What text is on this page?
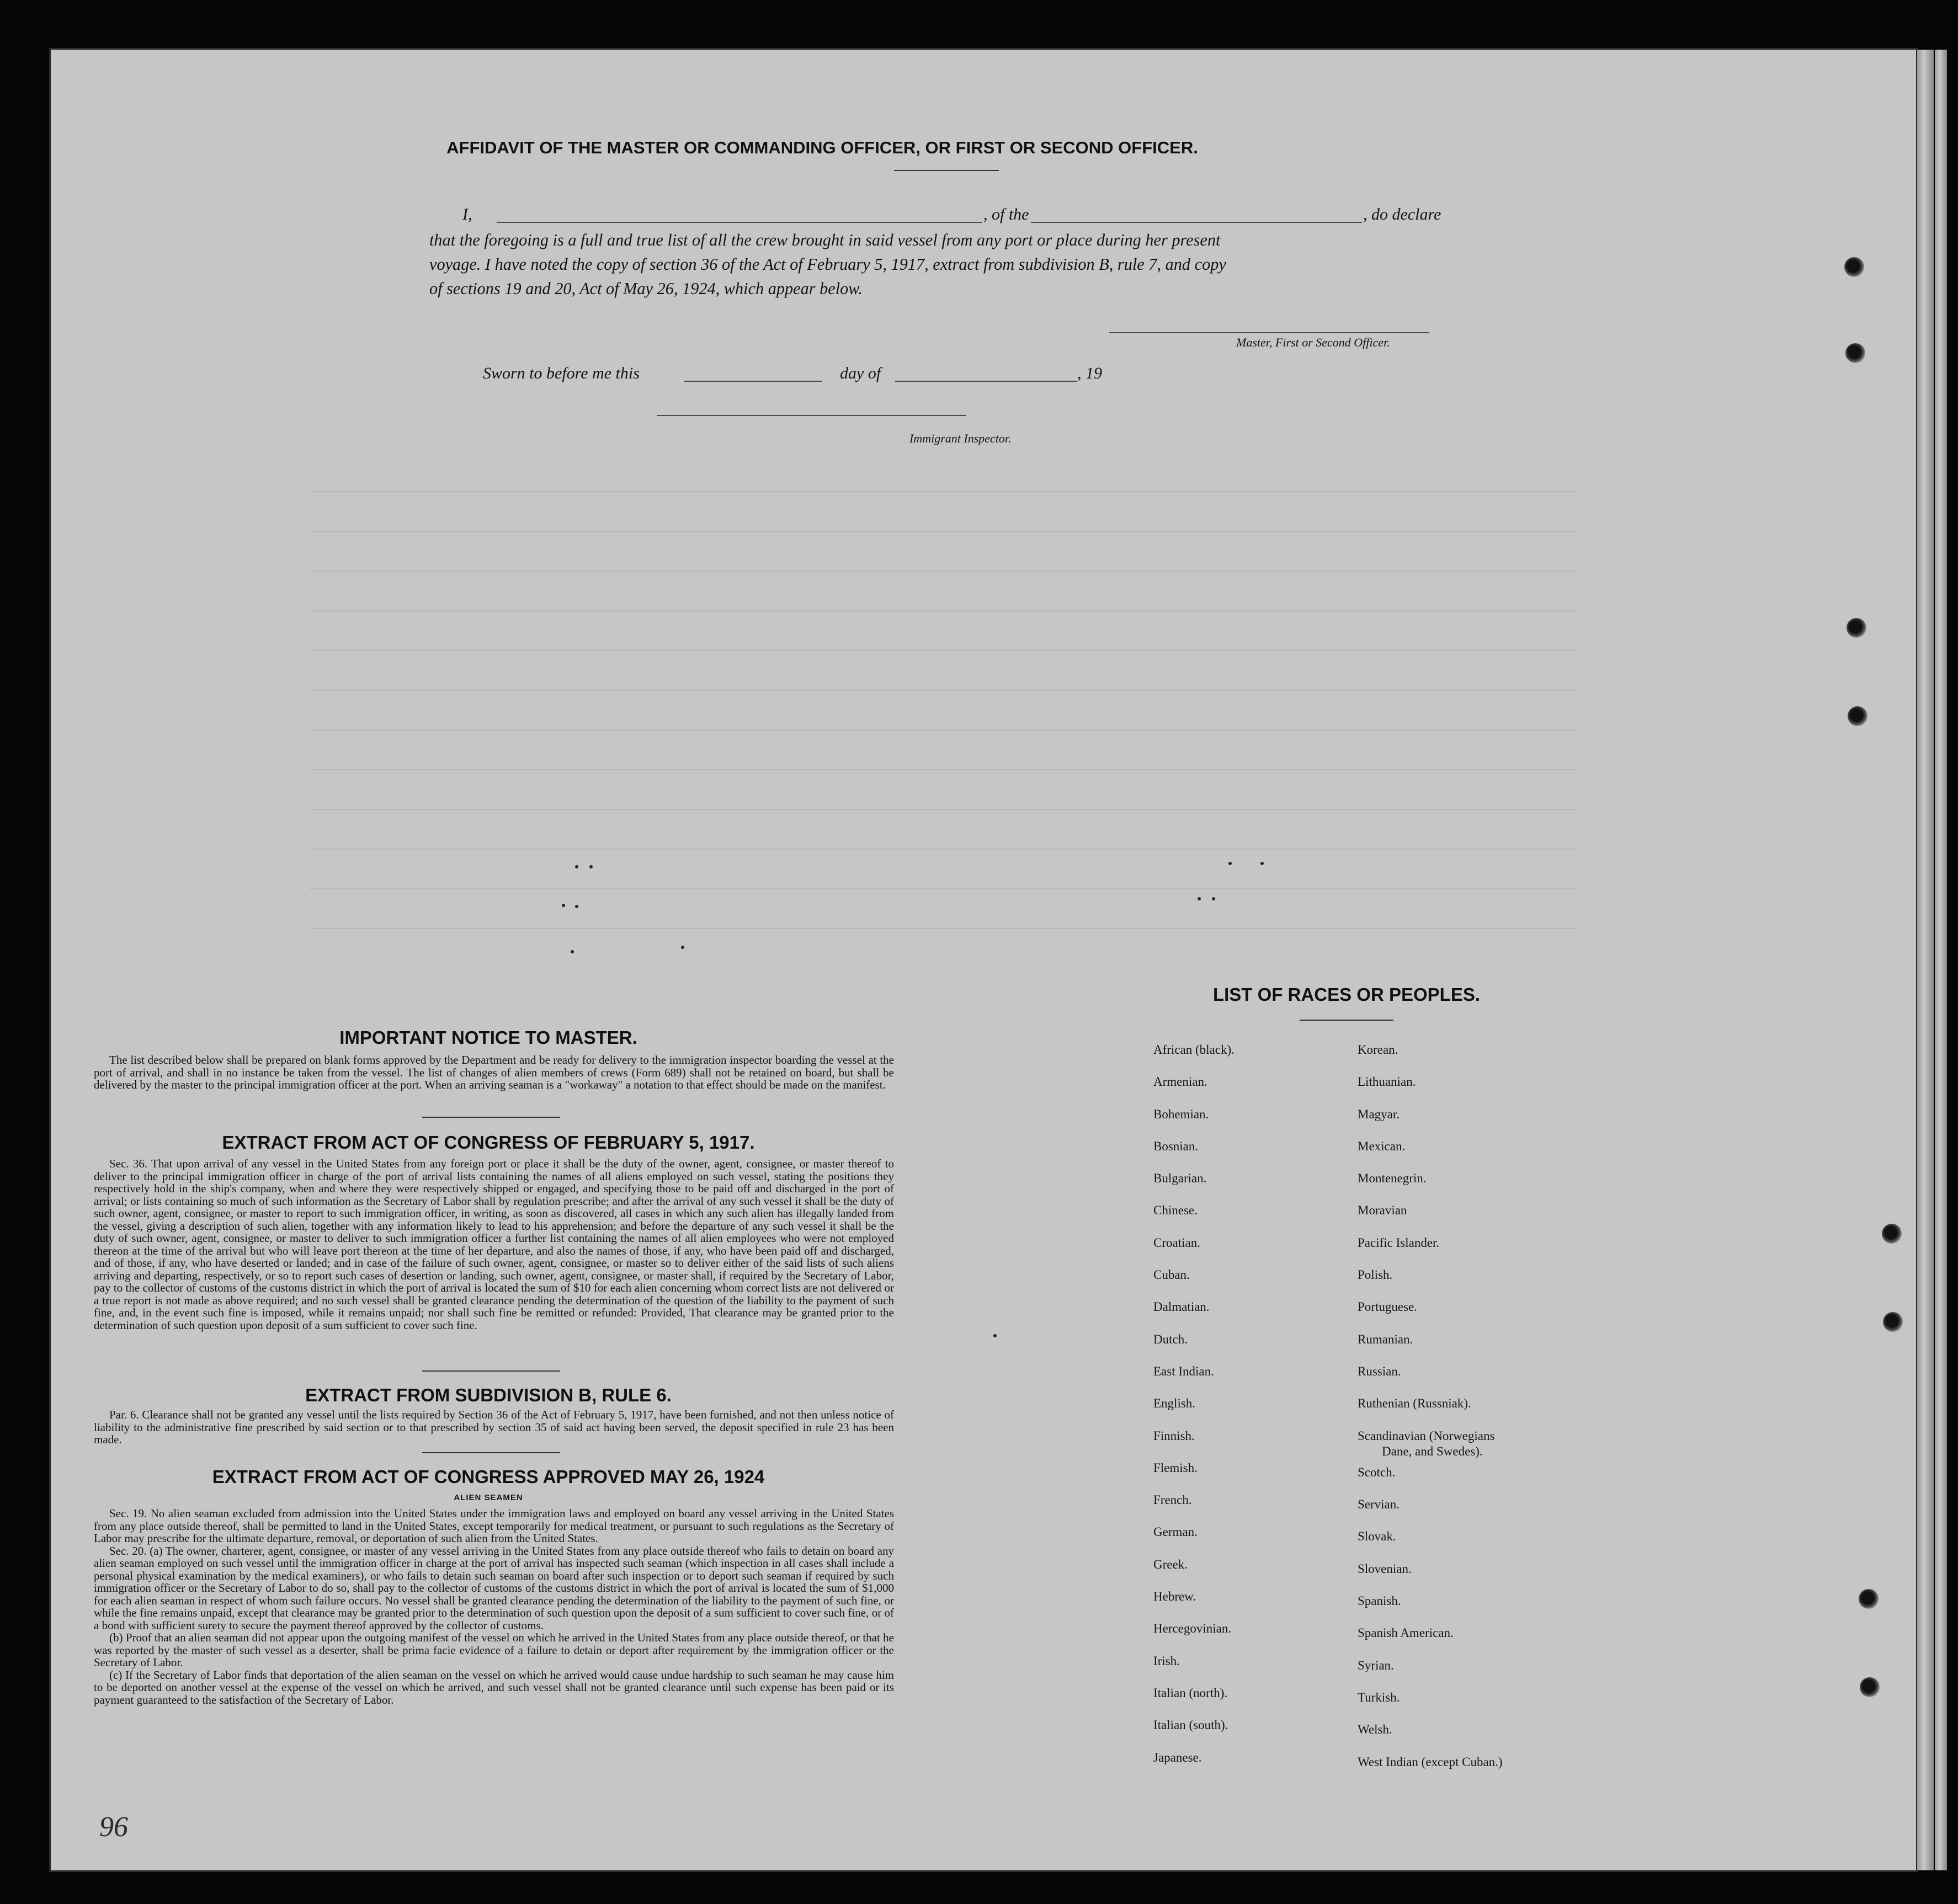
AFFIDAVIT OF THE MASTER OR COMMANDING OFFICER, OR FIRST OR SECOND OFFICER.
I,	, of the	, do declare
that the foregoing is a full and true list of all the crew brought in said vessel from any port or place during her present
voyage. I have noted the copy of section 36 of the Act of February 5, 1917, extract from subdivision B, rule 7, and copy
of sections 19 and 20, Act of May 26, 1924, which appear below.
Master, First or Second Officer.
Sworn to before me this	day of	, 19
Immigrant Inspector.
IMPORTANT NOTICE TO MASTER.

The list described below shall be prepared on blank forms approved by the Department and be ready for delivery to the immigration inspector boarding the vessel at the port of arrival, and shall in no instance be taken from the vessel. The list of changes of alien members of crews (Form 689) shall not be retained on board, but shall be delivered by the master to the principal immigration officer at the port. When an arriving seaman is a "workaway" a notation to that effect should be made on the manifest.

EXTRACT FROM ACT OF CONGRESS OF FEBRUARY 5, 1917.

Sec. 36. That upon arrival of any vessel in the United States from any foreign port or place it shall be the duty of the owner, agent, consignee, or master thereof to deliver to the principal immigration officer in charge of the port of arrival lists containing the names of all aliens employed on such vessel, stating the positions they respectively hold in the ship's company, when and where they were respectively shipped or engaged, and specifying those to be paid off and discharged in the port of arrival; or lists containing so much of such information as the Secretary of Labor shall by regulation prescribe; and after the arrival of any such vessel it shall be the duty of such owner, agent, consignee, or master to report to such immigration officer, in writing, as soon as discovered, all cases in which any such alien has illegally landed from the vessel, giving a description of such alien, together with any information likely to lead to his apprehension; and before the departure of any such vessel it shall be the duty of such owner, agent, consignee, or master to deliver to such immigration officer a further list containing the names of all alien employees who were not employed thereon at the time of the arrival but who will leave port thereon at the time of her departure, and also the names of those, if any, who have been paid off and discharged, and of those, if any, who have deserted or landed; and in case of the failure of such owner, agent, consignee, or master so to deliver either of the said lists of such aliens arriving and departing, respectively, or so to report such cases of desertion or landing, such owner, agent, consignee, or master shall, if required by the Secretary of Labor, pay to the collector of customs of the customs district in which the port of arrival is located the sum of $10 for each alien concerning whom correct lists are not delivered or a true report is not made as above required; and no such vessel shall be granted clearance pending the determination of the question of the liability to the payment of such fine, and, in the event such fine is imposed, while it remains unpaid; nor shall such fine be remitted or refunded: Provided, That clearance may be granted prior to the determination of such question upon deposit of a sum sufficient to cover such fine.

EXTRACT FROM SUBDIVISION B, RULE 6.

Par. 6. Clearance shall not be granted any vessel until the lists required by Section 36 of the Act of February 5, 1917, have been furnished, and not then unless notice of liability to the administrative fine prescribed by said section or to that prescribed by section 35 of said act having been served, the deposit specified in rule 23 has been made.

EXTRACT FROM ACT OF CONGRESS APPROVED MAY 26, 1924
ALIEN SEAMEN

Sec. 19. No alien seaman excluded from admission into the United States under the immigration laws and employed on board any vessel arriving in the United States from any place outside thereof, shall be permitted to land in the United States, except temporarily for medical treatment, or pursuant to such regulations as the Secretary of Labor may prescribe for the ultimate departure, removal, or deportation of such alien from the United States.

Sec. 20. (a) The owner, charterer, agent, consignee, or master of any vessel arriving in the United States from any place outside thereof who fails to detain on board any alien seaman employed on such vessel until the immigration officer in charge at the port of arrival has inspected such seaman (which inspection in all cases shall include a personal physical examination by the medical examiners), or who fails to detain such seaman on board after such inspection or to deport such seaman if required by such immigration officer or the Secretary of Labor to do so, shall pay to the collector of customs of the customs district in which the port of arrival is located the sum of $1,000 for each alien seaman in respect of whom such failure occurs. No vessel shall be granted clearance pending the determination of the liability to the payment of such fine, or while the fine remains unpaid, except that clearance may be granted prior to the determination of such question upon the deposit of a sum sufficient to cover such fine, or of a bond with sufficient surety to secure the payment thereof approved by the collector of customs.

(b) Proof that an alien seaman did not appear upon the outgoing manifest of the vessel on which he arrived in the United States from any place outside thereof, or that he was reported by the master of such vessel as a deserter, shall be prima facie evidence of a failure to detain or deport after requirement by the immigration officer or the Secretary of Labor.

(c) If the Secretary of Labor finds that deportation of the alien seaman on the vessel on which he arrived would cause undue hardship to such seaman he may cause him to be deported on another vessel at the expense of the vessel on which he arrived, and such vessel shall not be granted clearance until such expense has been paid or its payment guaranteed to the satisfaction of the Secretary of Labor.

LIST OF RACES OR PEOPLES.
African (black).
Armenian.
Bohemian.
Bosnian.
Bulgarian.
Chinese.
Croatian.
Cuban.
Dalmatian.
Dutch.
East Indian.
English.
Finnish.
Flemish.
French.
German.
Greek.
Hebrew.
Hercegovinian.
Irish.
Italian (north).
Italian (south).
Japanese.
Korean.
Lithuanian.
Magyar.
Mexican.
Montenegrin.
Moravian
Pacific Islander.
Polish.
Portuguese.
Rumanian.
Russian.
Ruthenian (Russniak).
Scandinavian (Norwegians
Dane, and Swedes).
Scotch.
Servian.
Slovak.
Slovenian.
Spanish.
Spanish American.
Syrian.
Turkish.
Welsh.
West Indian (except Cuban.)
96
